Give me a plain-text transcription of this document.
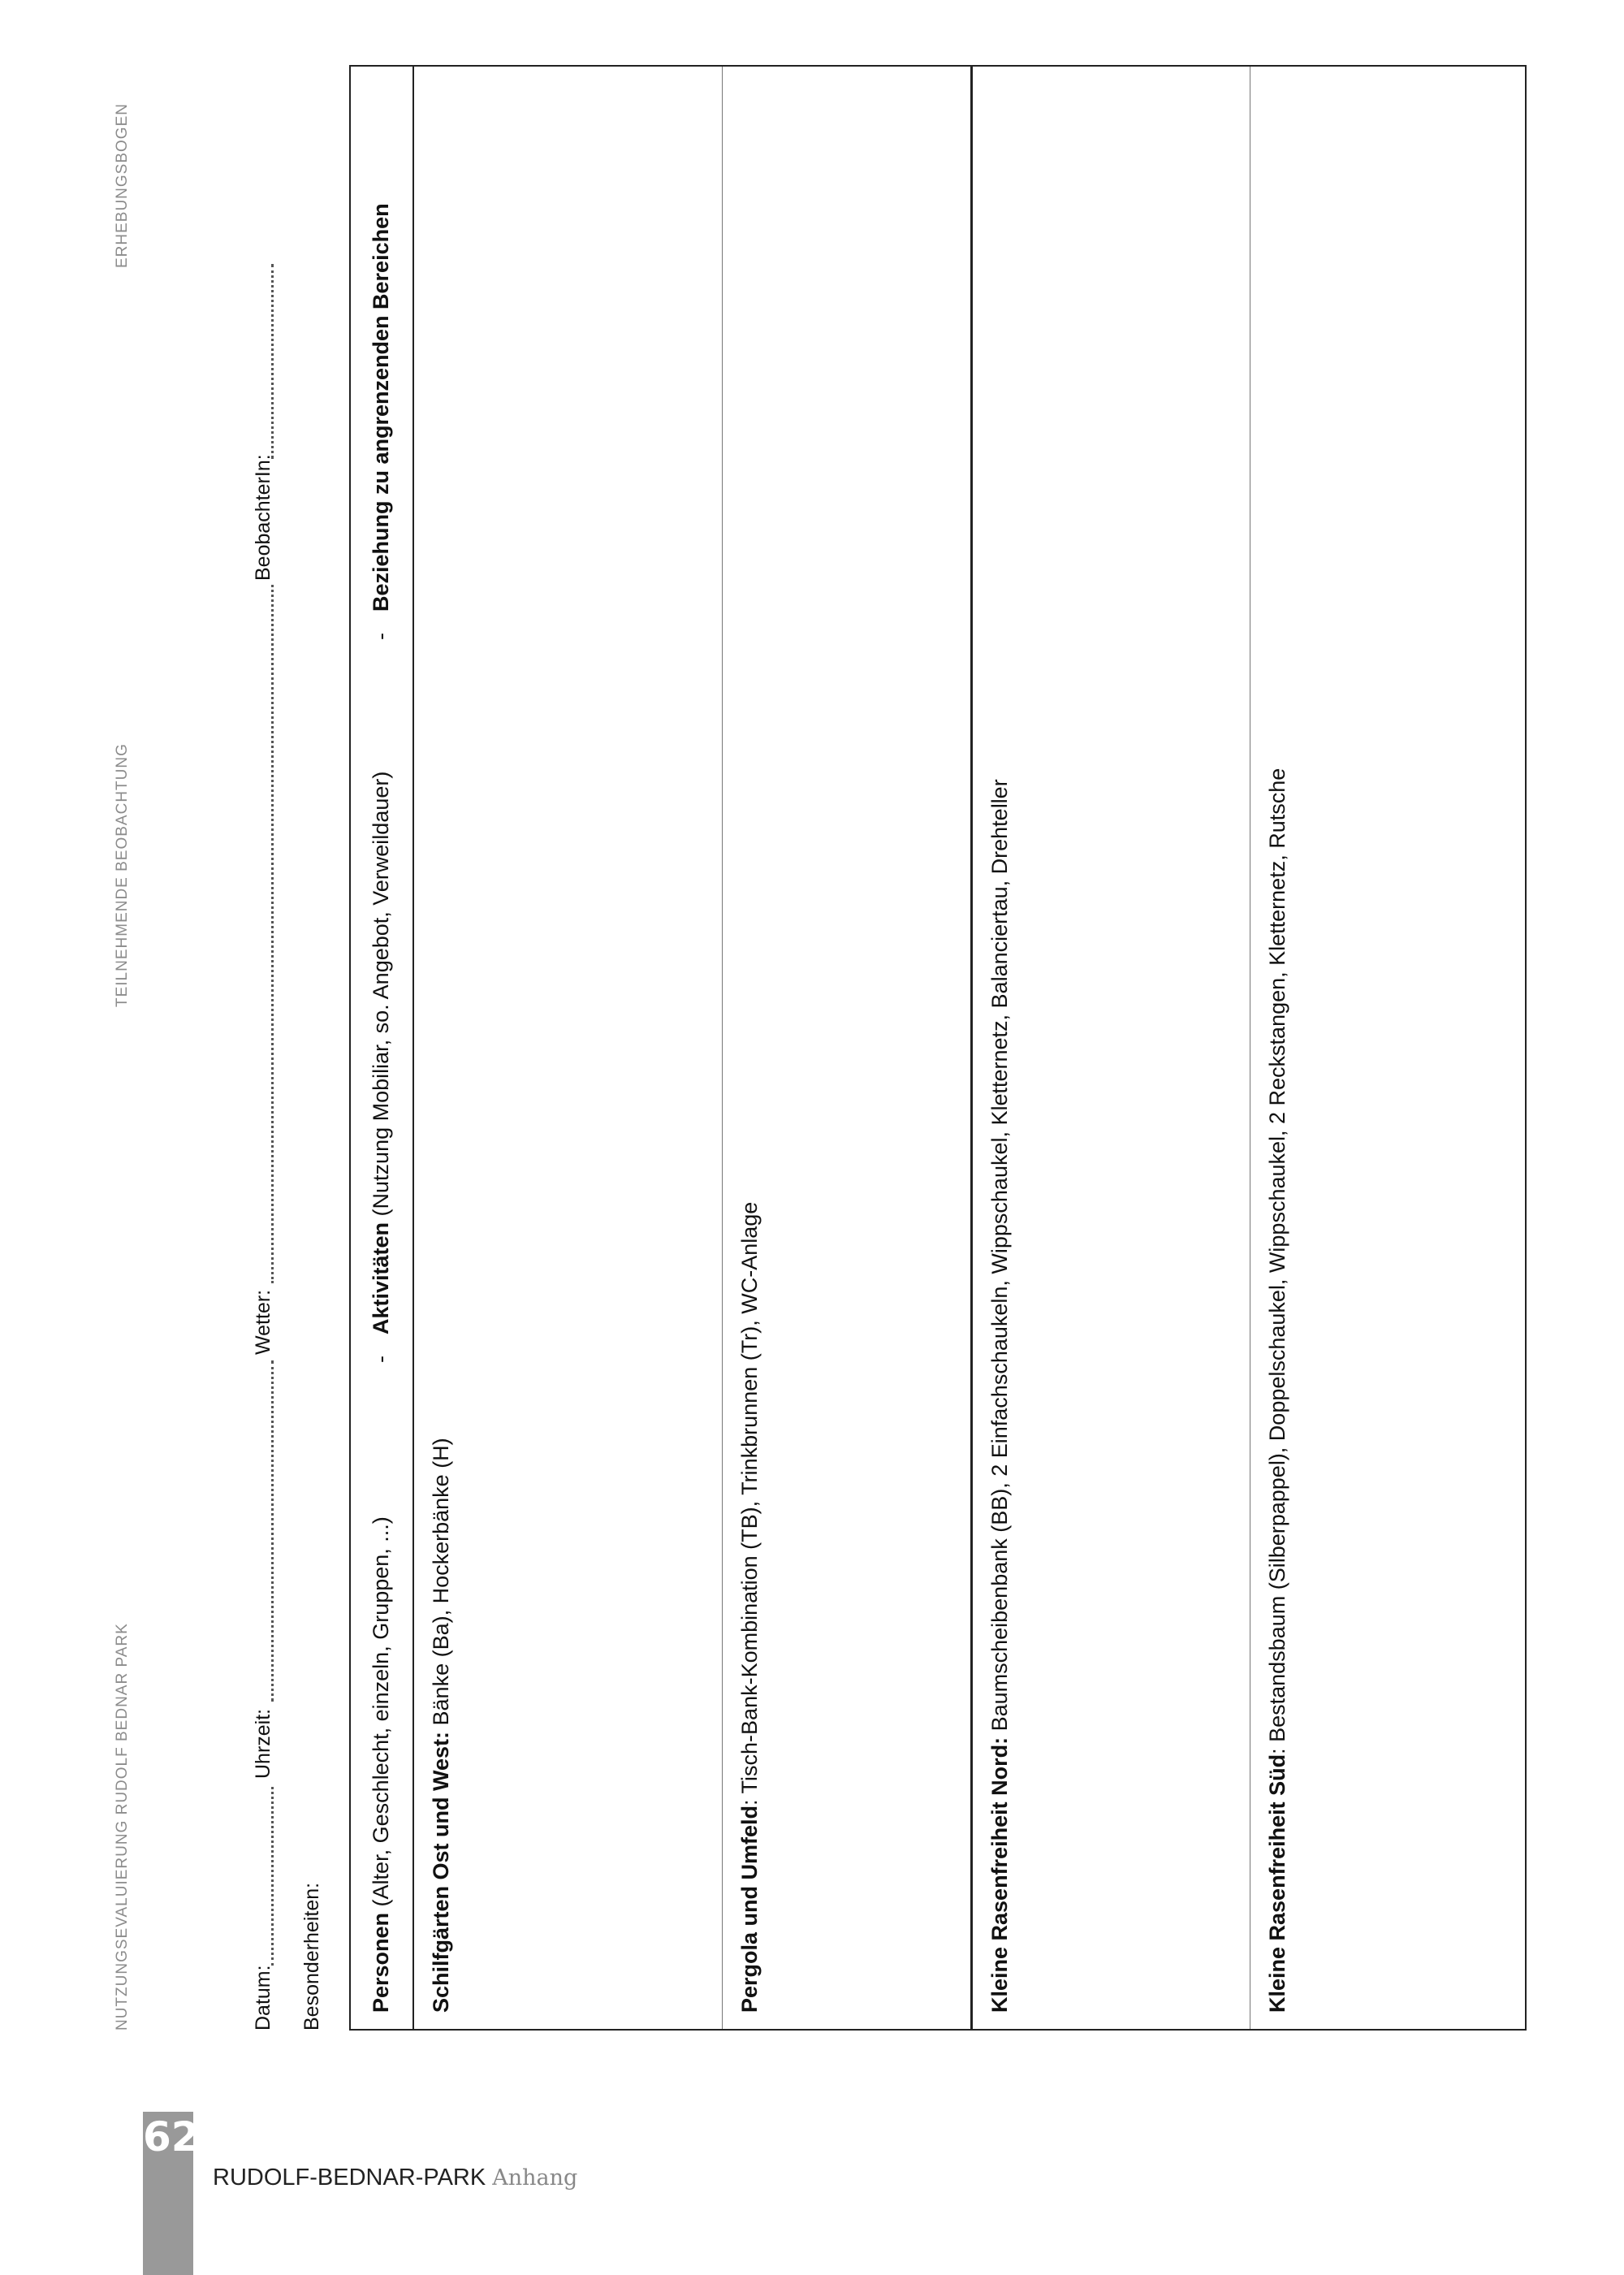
NUTZUNGSEVALUIERUNG RUDOLF BEDNAR PARK
TEILNEHMENDE BEOBACHTUNG
ERHEBUNGSBOGEN
Datum:
Uhrzeit:
Wetter:
BeobachterIn:
Besonderheiten: Personen (Alter, Geschlecht, einzeln, Gruppen, ...)
-
Aktivitäten (Nutzung Mobiliar, so. Angebot, Verweildauer)
-
Beziehung zu angrenzenden Bereichen
Schilfgärten Ost und West: Bänke (Ba), Hockerbänke (H)
Pergola und Umfeld: Tisch-Bank-Kombination (TB), Trinkbrunnen (Tr), WC-Anlage
Kleine Rasenfreiheit Nord: Baumscheibenbank (BB), 2 Einfachschaukeln, Wippschaukel, Kletternetz, Balanciertau, Drehteller
Kleine Rasenfreiheit Süd: Bestandsbaum (Silberpappel), Doppelschaukel, Wippschaukel, 2 Reckstangen, Kletternetz, Rutsche
62
RUDOLF-BEDNAR-PARK Anhang
